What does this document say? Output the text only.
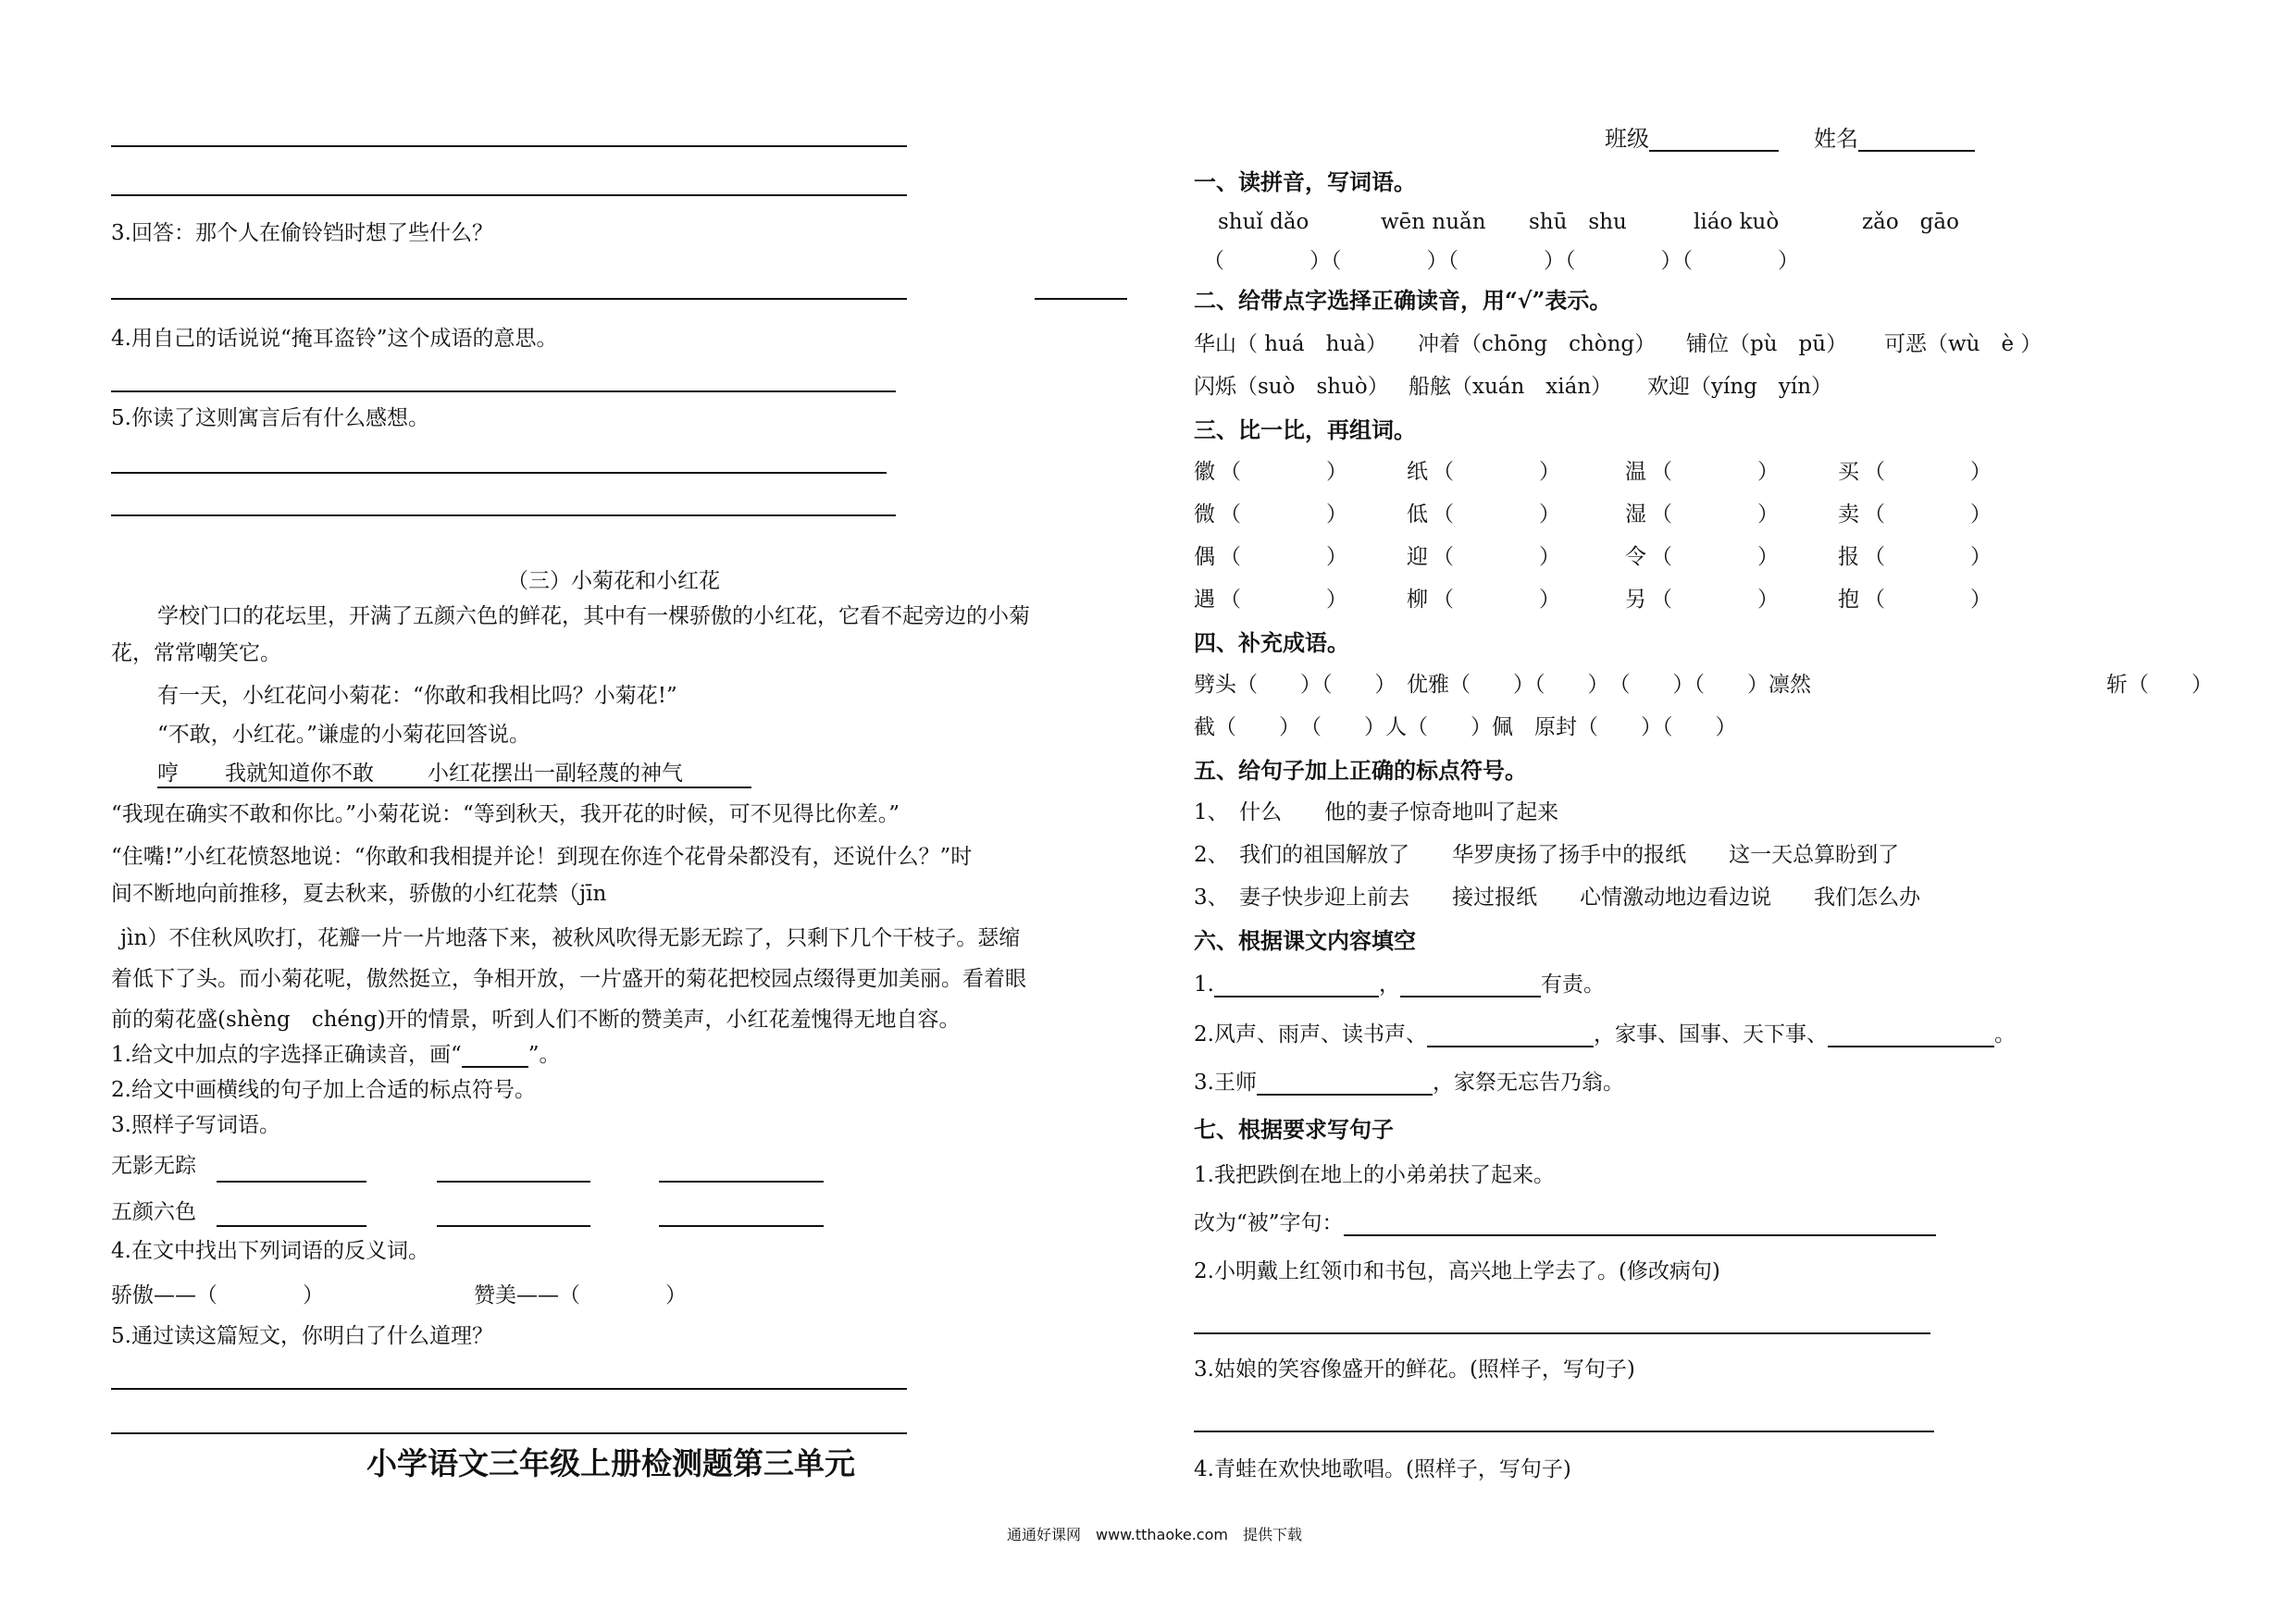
3.回答：那个人在偷铃铛时想了些什么？
4.用自己的话说说“掩耳盗铃”这个成语的意思。
5.你读了这则寓言后有什么感想。
（三）小菊花和小红花
学校门口的花坛里，开满了五颜六色的鲜花，其中有一棵骄傲的小红花，它看不起旁边的小菊
花，常常嘲笑它。
有一天，小红花问小菊花：“你敢和我相比吗？小菊花!”
“不敢，小红花。”谦虚的小菊花回答说。
哼 我就知道你不敢	小红花摆出一副轻蔑的神气
“我现在确实不敢和你比。”小菊花说：“等到秋天，我开花的时候，可不见得比你差。”
“住嘴!”小红花愤怒地说：“你敢和我相提并论！到现在你连个花骨朵都没有，还说什么？”时
间不断地向前推移，夏去秋来，骄傲的小红花禁（jīn
jìn）不住秋风吹打，花瓣一片一片地落下来，被秋风吹得无影无踪了，只剩下几个干枝子。瑟缩
着低下了头。而小菊花呢，傲然挺立，争相开放，一片盛开的菊花把校园点缀得更加美丽。看着眼
前的菊花盛(shèng　chéng)开的情景，听到人们不断的赞美声，小红花羞愧得无地自容。
1.给文中加点的字选择正确读音，画“	”。
2.给文中画横线的句子加上合适的标点符号。
3.照样子写词语。
无影无踪
五颜六色
4.在文中找出下列词语的反义词。
骄傲——（　　　　）	赞美——（　　　　）
5.通过读这篇短文，你明白了什么道理？
小学语文三年级上册检测题第三单元
班级	姓名
一、读拼音，写词语。
shuǐ dǎo	wēn nuǎn shū　shu	liáo kuò	zǎo　gāo
（　　　　）（　　　　）（　　　　）（　　　　）（　　　　）
二、给带点字选择正确读音，用“√”表示。
华山（ huá　huà） 冲着（chōng　chòng） 铺位（pù　pū） 可恶（wù　è ）
闪烁（suò　shuò） 船舷（xuán　xián） 欢迎（yíng　yín）
三、比一比，再组词。
徽 （　　　　）	纸 （　　　　）	温 （　　　　）	买 （　　　　）
微 （　　　　）	低 （　　　　）	湿 （　　　　）	卖 （　　　　）
偶 （　　　　）	迎 （　　　　）	令 （　　　　）	报 （　　　　）
遇 （　　　　）	柳 （　　　　）	另 （　　　　）	抱 （　　　　）
四、补充成语。
劈头（　　）（　　）　优雅（　　）（　　）　（　　）（　　）凛然	斩（　　）
截（　　）　（　　）人（　　）佩　原封（　　）（　　）
五、给句子加上正确的标点符号。
1、　什么　　他的妻子惊奇地叫了起来
2、　我们的祖国解放了　　华罗庚扬了扬手中的报纸　　这一天总算盼到了
3、　妻子快步迎上前去　　接过报纸　　心情激动地边看边说　　我们怎么办
六、根据课文内容填空
1.	，	有责。
2.风声、雨声、读书声、	，家事、国事、天下事、	。
3.王师	，家祭无忘告乃翁。
七、根据要求写句子
1.我把跌倒在地上的小弟弟扶了起来。
改为“被”字句：
2.小明戴上红领巾和书包，高兴地上学去了。(修改病句)
3.姑娘的笑容像盛开的鲜花。(照样子，写句子)
4.青蛙在欢快地歌唱。(照样子，写句子)
通通好课网　www.tthaoke.com　提供下载
